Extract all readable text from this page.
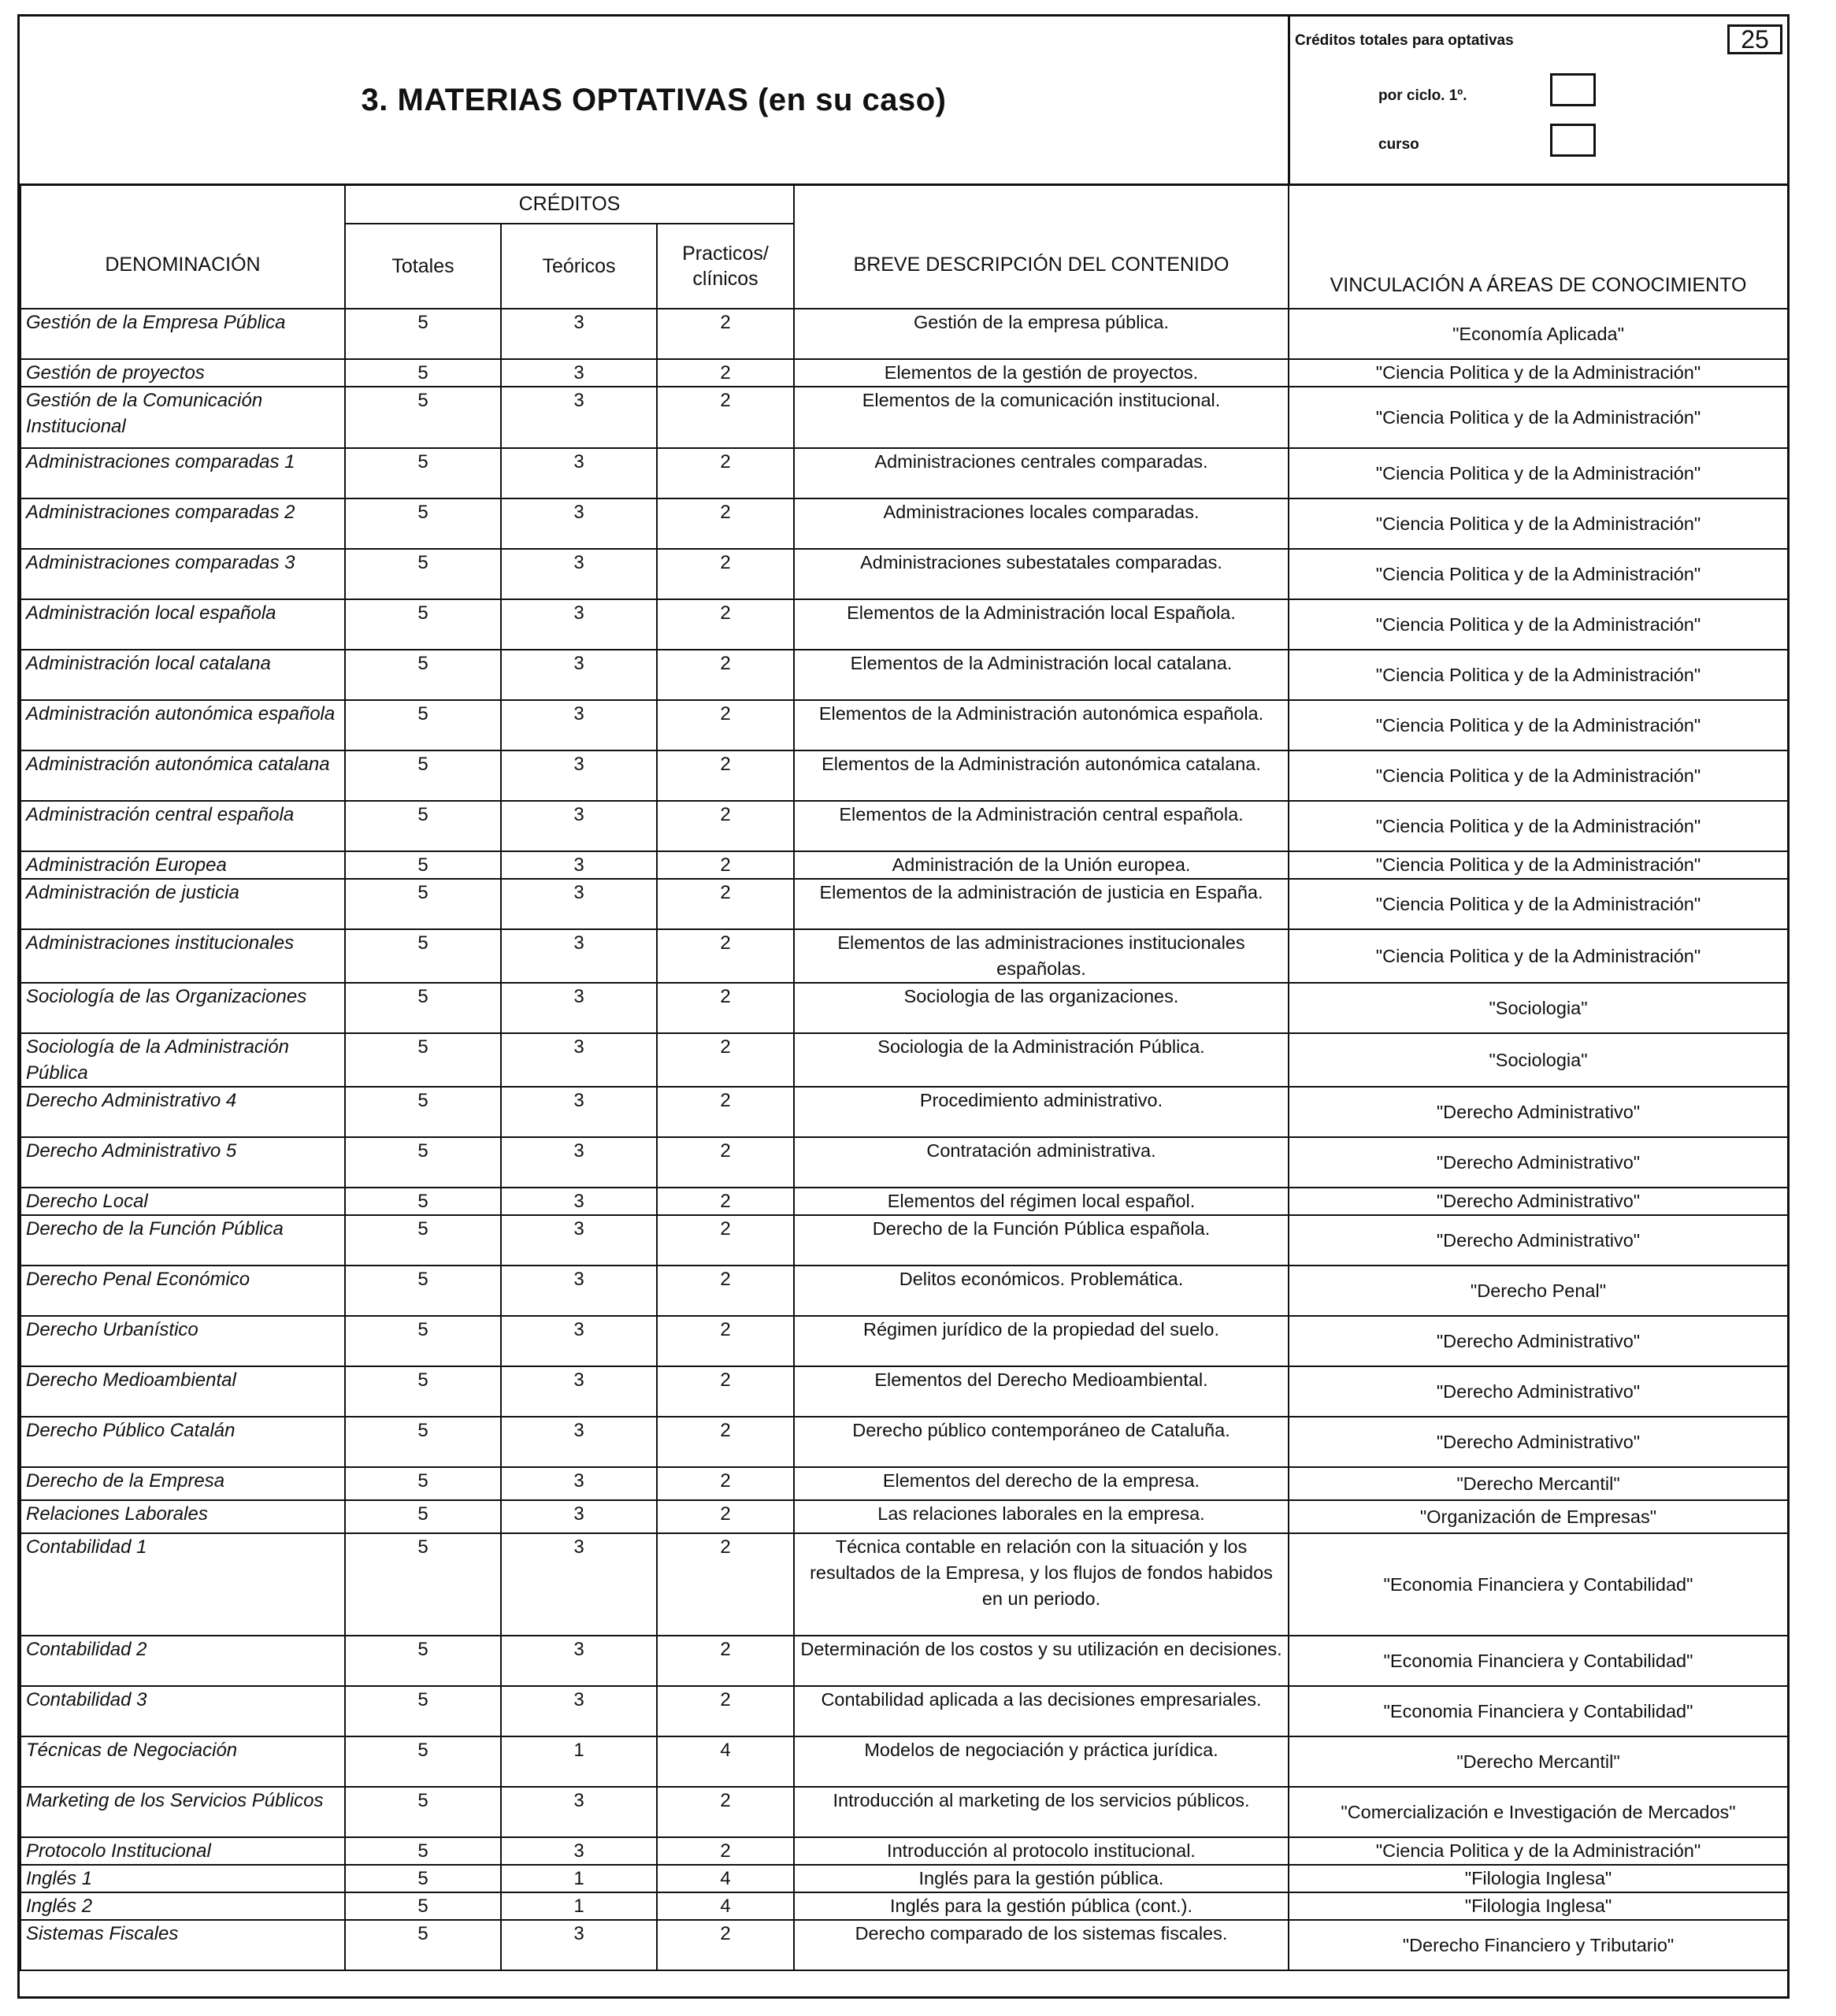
3. MATERIAS OPTATIVAS (en su caso)
Créditos totales para optativas	25
por ciclo. 1º.
curso
DENOMINACIÓN	CRÉDITOS			BREVE DESCRIPCIÓN DEL CONTENIDO	VINCULACIÓN A ÁREAS DE CONOCIMIENTO
	Totales	Teóricos	Practicos/ clínicos		
Gestión de la Empresa Pública	5	3	2	Gestión de la empresa pública.	"Economía Aplicada"
Gestión de proyectos	5	3	2	Elementos de la gestión de proyectos.	"Ciencia Politica y de la Administración"
Gestión de la Comunicación Institucional	5	3	2	Elementos de la comunicación institucional.	"Ciencia Politica y de la Administración"
Administraciones comparadas 1	5	3	2	Administraciones centrales comparadas.	"Ciencia Politica y de la Administración"
Administraciones comparadas 2	5	3	2	Administraciones locales comparadas.	"Ciencia Politica y de la Administración"
Administraciones comparadas 3	5	3	2	Administraciones subestatales comparadas.	"Ciencia Politica y de la Administración"
Administración local española	5	3	2	Elementos de la Administración local Española.	"Ciencia Politica y de la Administración"
Administración local catalana	5	3	2	Elementos de la Administración local catalana.	"Ciencia Politica y de la Administración"
Administración autonómica española	5	3	2	Elementos de la Administración autonómica española.	"Ciencia Politica y de la Administración"
Administración autonómica catalana	5	3	2	Elementos de la Administración autonómica catalana.	"Ciencia Politica y de la Administración"
Administración central española	5	3	2	Elementos de la Administración central española.	"Ciencia Politica y de la Administración"
Administración Europea	5	3	2	Administración de la Unión europea.	"Ciencia Politica y de la Administración"
Administración de justicia	5	3	2	Elementos de la administración de justicia en España.	"Ciencia Politica y de la Administración"
Administraciones institucionales	5	3	2	Elementos de las administraciones institucionales españolas.	"Ciencia Politica y de la Administración"
Sociología de las Organizaciones	5	3	2	Sociologia de las organizaciones.	"Sociologia"
Sociología de la Administración Pública	5	3	2	Sociologia de la Administración Pública.	"Sociologia"
Derecho Administrativo 4	5	3	2	Procedimiento administrativo.	"Derecho Administrativo"
Derecho Administrativo 5	5	3	2	Contratación administrativa.	"Derecho Administrativo"
Derecho Local	5	3	2	Elementos del régimen local español.	"Derecho Administrativo"
Derecho de la Función Pública	5	3	2	Derecho de la Función Pública española.	"Derecho Administrativo"
Derecho Penal Económico	5	3	2	Delitos económicos. Problemática.	"Derecho Penal"
Derecho Urbanístico	5	3	2	Régimen jurídico de la propiedad del suelo.	"Derecho Administrativo"
Derecho Medioambiental	5	3	2	Elementos del Derecho Medioambiental.	"Derecho Administrativo"
Derecho Público Catalán	5	3	2	Derecho público contemporáneo de Cataluña.	"Derecho Administrativo"
Derecho de la Empresa	5	3	2	Elementos del derecho de la empresa.	"Derecho Mercantil"
Relaciones Laborales	5	3	2	Las relaciones laborales en la empresa.	"Organización de Empresas"
Contabilidad 1	5	3	2	Técnica contable en relación con la situación y los resultados de la Empresa, y los flujos de fondos habidos en un periodo.	"Economia Financiera y Contabilidad"
Contabilidad 2	5	3	2	Determinación de los costos y su utilización en decisiones.	"Economia Financiera y Contabilidad"
Contabilidad 3	5	3	2	Contabilidad aplicada a las decisiones empresariales.	"Economia Financiera y Contabilidad"
Técnicas de Negociación	5	1	4	Modelos de negociación y práctica jurídica.	"Derecho Mercantil"
Marketing de los Servicios Públicos	5	3	2	Introducción al marketing de los servicios públicos.	"Comercialización e Investigación de Mercados"
Protocolo Institucional	5	3	2	Introducción al protocolo institucional.	"Ciencia Politica y de la Administración"
Inglés 1	5	1	4	Inglés para la gestión pública.	"Filologia Inglesa"
Inglés 2	5	1	4	Inglés para la gestión pública (cont.).	"Filologia Inglesa"
Sistemas Fiscales	5	3	2	Derecho comparado de los sistemas fiscales.	"Derecho Financiero y Tributario"
